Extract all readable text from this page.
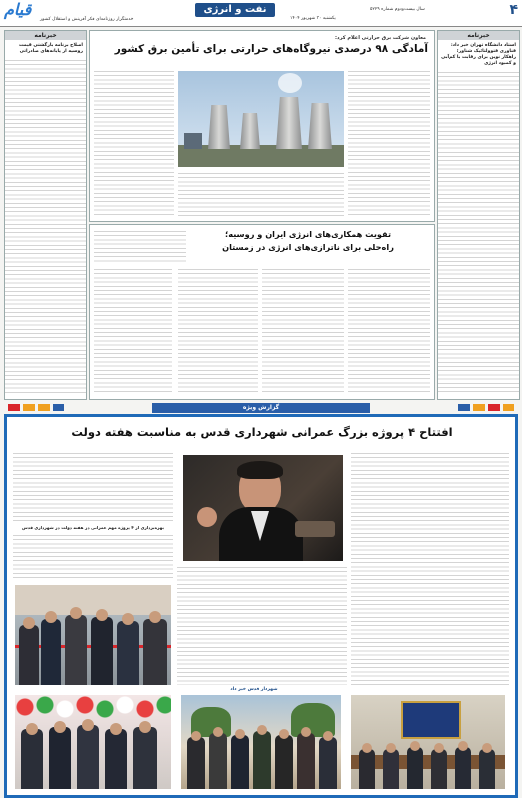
۴
نفت و انرژی
قیام	یکشنبه ۳۰ شهریور ۱۴۰۴
سال بیست‌ودوم شماره ۵۲۲۹
خدمتگزار روزنامه‌ای فکر آفرینش و استقلال‌ کشور
خبرنامه
استاد دانشگاه تهران خبر داد: فناوری فتوولتائیک شناور؛ راهکار نوین برای رقابت با کم‌آبی و کمبود انرژی
خبرنامه
اصلاح برنامه بازگشتی قیمت روسیه از پایانه‌های صادراتی
معاون شرکت برق حرارتی اعلام کرد:
آمادگی ۹۸ درصدی نیروگاه‌های حرارتی برای تأمین برق کشور
تقویت همکاری‌های انرژی ایران و روسیه؛
راه‌حلی برای ناترازی‌های انرژی در زمستان
گزارش ویژه
افتتاح ۴ پروژه بزرگ عمرانی شهرداری قدس به مناسبت هفته دولت
بهره‌برداری از ۴ پروژه مهم عمرانی در هفته دولت در شهرداری قدس
شهردار قدس خبر داد
